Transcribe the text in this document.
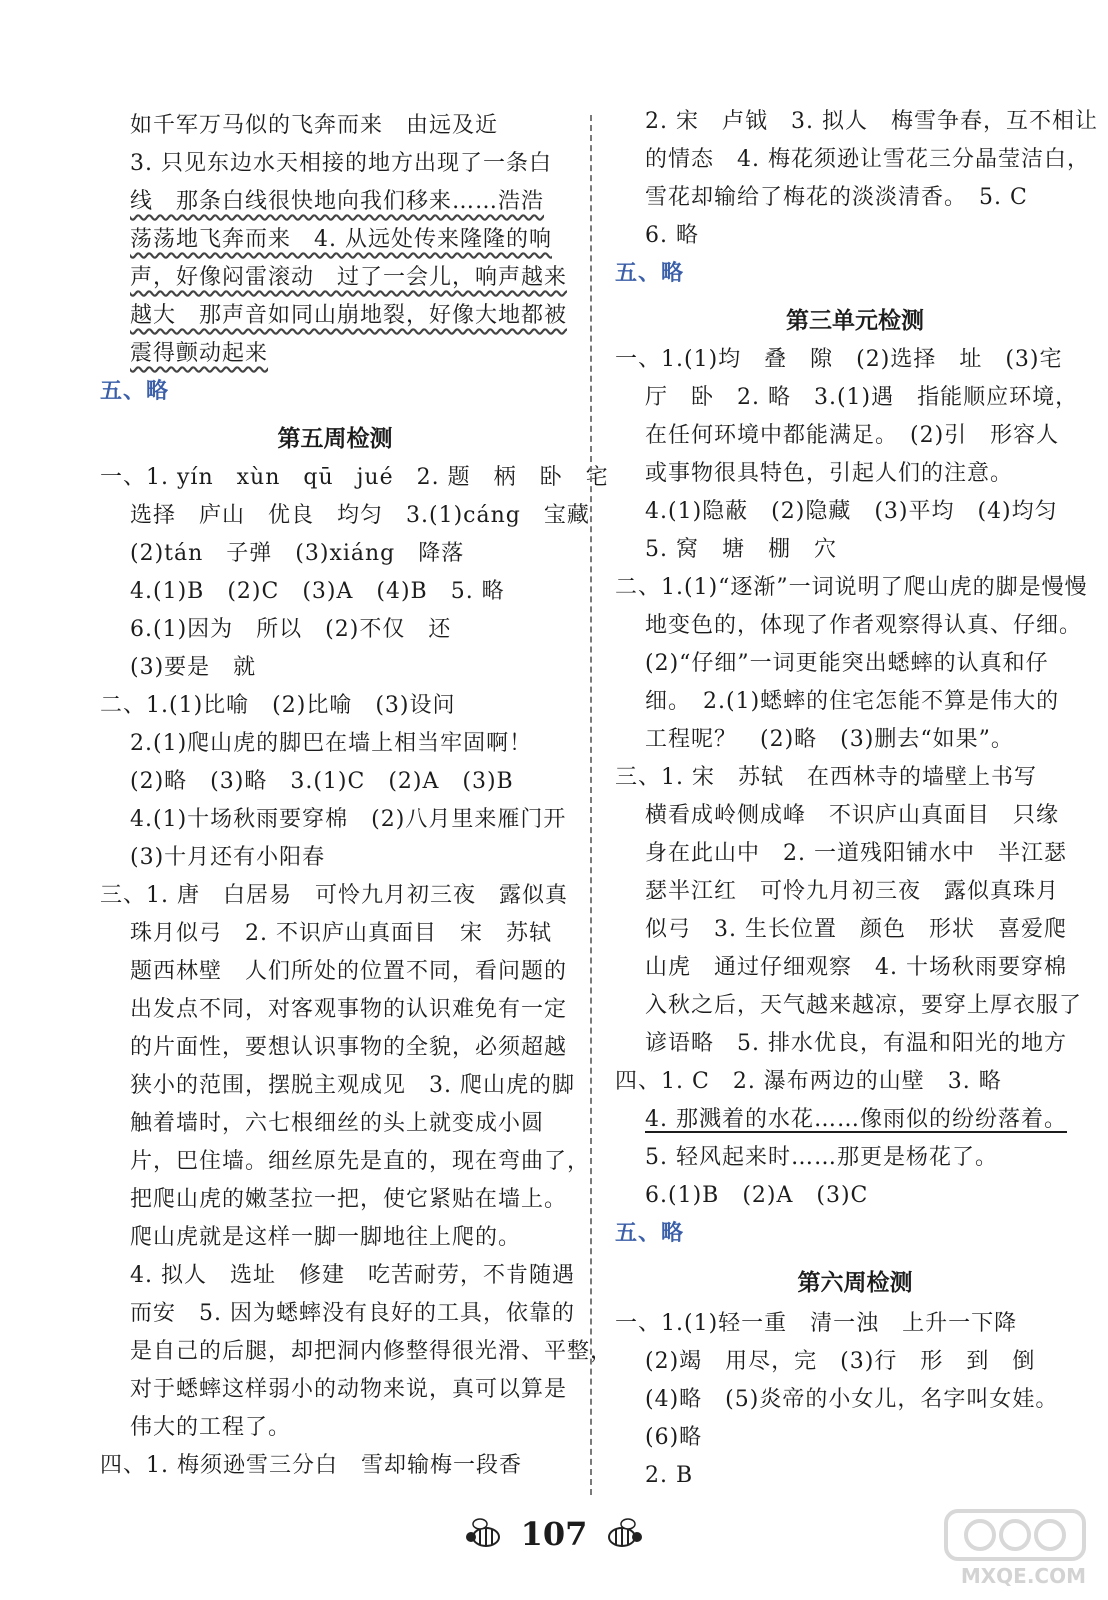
如千军万马似的飞奔而来　由远及近
3. 只见东边水天相接的地方出现了一条白
线　那条白线很快地向我们移来……浩浩
荡荡地飞奔而来　4. 从远处传来隆隆的响
声，好像闷雷滚动　过了一会儿，响声越来
越大　那声音如同山崩地裂，好像大地都被
震得颤动起来
五、略
第五周检测
一、1. yín　xùn　qū　jué　2. 题　柄　卧　宅
选择　庐山　优良　均匀　3.(1)cáng　宝藏
(2)tán　子弹　(3)xiáng　降落
4.(1)B　(2)C　(3)A　(4)B　5. 略
6.(1)因为　所以　(2)不仅　还
(3)要是　就
二、1.(1)比喻　(2)比喻　(3)设问
2.(1)爬山虎的脚巴在墙上相当牢固啊！
(2)略　(3)略　3.(1)C　(2)A　(3)B
4.(1)十场秋雨要穿棉　(2)八月里来雁门开
(3)十月还有小阳春
三、1. 唐　白居易　可怜九月初三夜　露似真
珠月似弓　2. 不识庐山真面目　宋　苏轼
题西林壁　人们所处的位置不同，看问题的
出发点不同，对客观事物的认识难免有一定
的片面性，要想认识事物的全貌，必须超越
狭小的范围，摆脱主观成见　3. 爬山虎的脚
触着墙时，六七根细丝的头上就变成小圆
片，巴住墙。细丝原先是直的，现在弯曲了，
把爬山虎的嫩茎拉一把，使它紧贴在墙上。
爬山虎就是这样一脚一脚地往上爬的。
4. 拟人　选址　修建　吃苦耐劳，不肯随遇
而安　5. 因为蟋蟀没有良好的工具，依靠的
是自己的后腿，却把洞内修整得很光滑、平整，
对于蟋蟀这样弱小的动物来说，真可以算是
伟大的工程了。
四、1. 梅须逊雪三分白　雪却输梅一段香
2. 宋　卢钺　3. 拟人　梅雪争春，互不相让
的情态　4. 梅花须逊让雪花三分晶莹洁白，
雪花却输给了梅花的淡淡清香。　5. C
6. 略
五、略
第三单元检测
一、1.(1)均　叠　隙　(2)选择　址　(3)宅
厅　卧　2. 略　3.(1)遇　指能顺应环境，
在任何环境中都能满足。　(2)引　形容人
或事物很具特色，引起人们的注意。
4.(1)隐蔽　(2)隐藏　(3)平均　(4)均匀
5. 窝　塘　棚　穴
二、1.(1)“逐渐”一词说明了爬山虎的脚是慢慢
地变色的，体现了作者观察得认真、仔细。
(2)“仔细”一词更能突出蟋蟀的认真和仔
细。　2.(1)蟋蟀的住宅怎能不算是伟大的
工程呢？　(2)略　(3)删去“如果”。
三、1. 宋　苏轼　在西林寺的墙壁上书写
横看成岭侧成峰　不识庐山真面目　只缘
身在此山中　2. 一道残阳铺水中　半江瑟
瑟半江红　可怜九月初三夜　露似真珠月
似弓　3. 生长位置　颜色　形状　喜爱爬
山虎　通过仔细观察　4. 十场秋雨要穿棉
入秋之后，天气越来越凉，要穿上厚衣服了
谚语略　5. 排水优良，有温和阳光的地方
四、1. C　2. 瀑布两边的山壁　3. 略
4. 那溅着的水花……像雨似的纷纷落着。
5. 轻风起来时……那更是杨花了。
6.(1)B　(2)A　(3)C
五、略
第六周检测
一、1.(1)轻一重　清一浊　上升一下降
(2)竭　用尽，完　(3)行　形　到　倒
(4)略　(5)炎帝的小女儿，名字叫女娃。
(6)略
2. B
107
MXQE.COM
